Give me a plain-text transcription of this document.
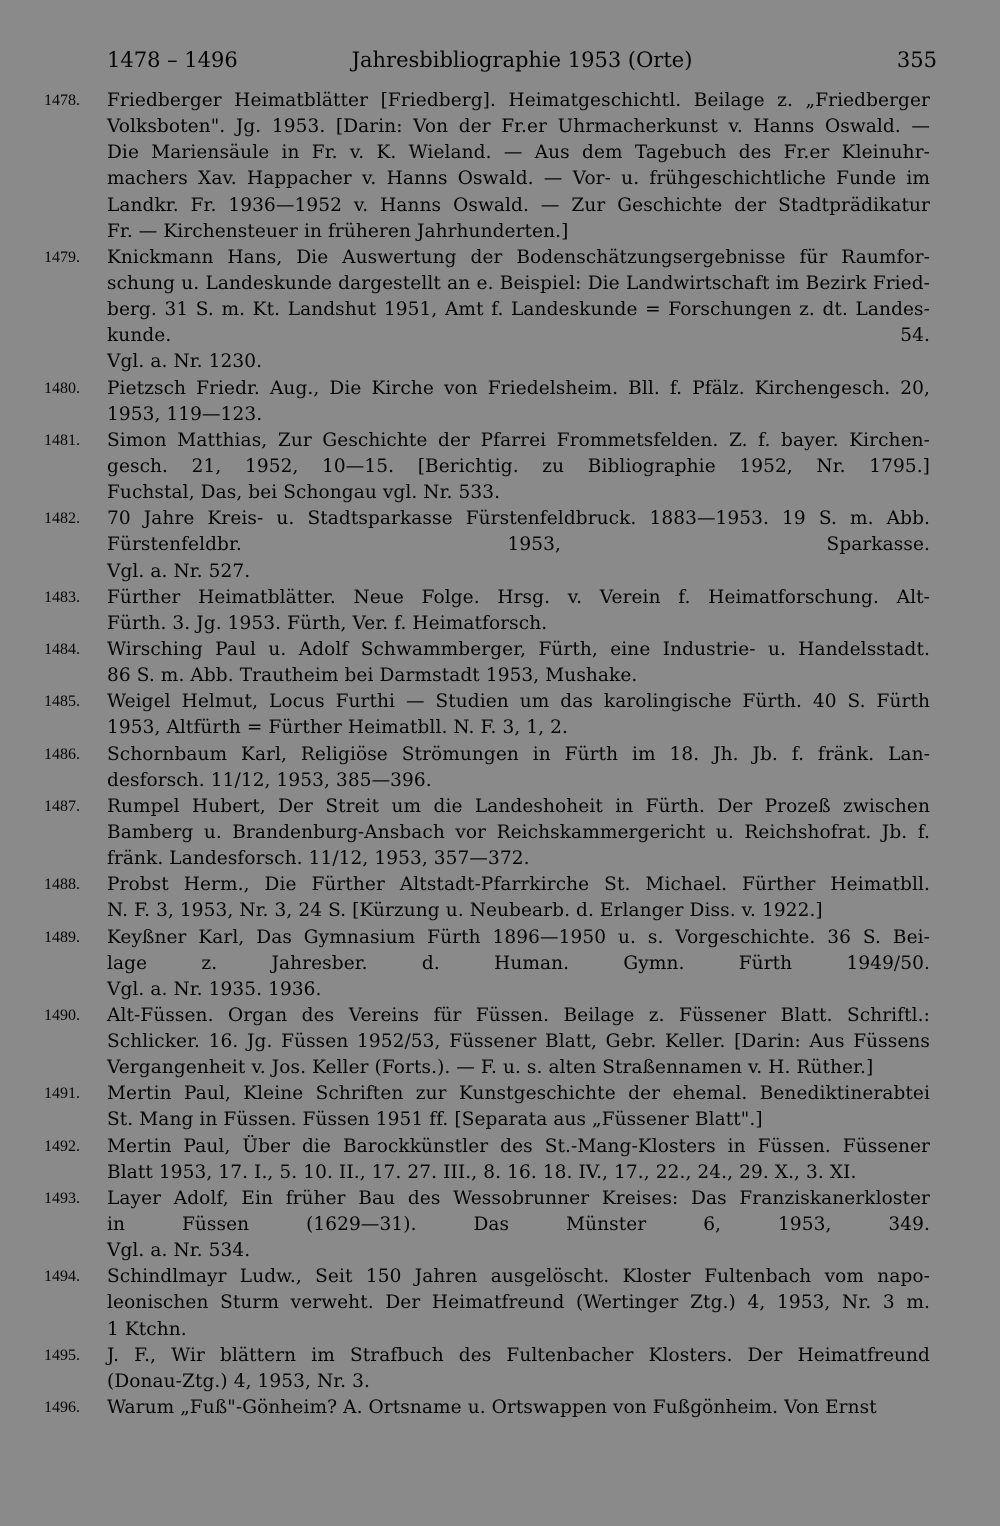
1478 – 1496	Jahresbibliographie 1953 (Orte)	355
1478. Friedberger Heimatblätter [Friedberg]. Heimatgeschichtl. Beilage z. „Friedberger
Volksboten". Jg. 1953. [Darin: Von der Fr.er Uhrmacherkunst v. Hanns Oswald. —
Die Mariensäule in Fr. v. K. Wieland. — Aus dem Tagebuch des Fr.er Kleinuhr-
machers Xav. Happacher v. Hanns Oswald. — Vor- u. frühgeschichtliche Funde im
Landkr. Fr. 1936—1952 v. Hanns Oswald. — Zur Geschichte der Stadtprädikatur
Fr. — Kirchensteuer in früheren Jahrhunderten.]
1479. Knickmann Hans, Die Auswertung der Bodenschätzungsergebnisse für Raumfor-
schung u. Landeskunde dargestellt an e. Beispiel: Die Landwirtschaft im Bezirk Fried-
berg. 31 S. m. Kt. Landshut 1951, Amt f. Landeskunde = Forschungen z. dt. Landes-
kunde. 54.
Vgl. a. Nr. 1230.
1480. Pietzsch Friedr. Aug., Die Kirche von Friedelsheim. Bll. f. Pfälz. Kirchengesch. 20,
1953, 119—123.
1481. Simon Matthias, Zur Geschichte der Pfarrei Frommetsfelden. Z. f. bayer. Kirchen-
gesch. 21, 1952, 10—15. [Berichtig. zu Bibliographie 1952, Nr. 1795.]
Fuchstal, Das, bei Schongau vgl. Nr. 533.
1482. 70 Jahre Kreis- u. Stadtsparkasse Fürstenfeldbruck. 1883—1953. 19 S. m. Abb.
Fürstenfeldbr. 1953, Sparkasse.
Vgl. a. Nr. 527.
1483. Fürther Heimatblätter. Neue Folge. Hrsg. v. Verein f. Heimatforschung. Alt-
Fürth. 3. Jg. 1953. Fürth, Ver. f. Heimatforsch.
1484. Wirsching Paul u. Adolf Schwammberger, Fürth, eine Industrie- u. Handelsstadt.
86 S. m. Abb. Trautheim bei Darmstadt 1953, Mushake.
1485. Weigel Helmut, Locus Furthi — Studien um das karolingische Fürth. 40 S. Fürth
1953, Altfürth = Fürther Heimatbll. N. F. 3, 1, 2.
1486. Schornbaum Karl, Religiöse Strömungen in Fürth im 18. Jh. Jb. f. fränk. Lan-
desforsch. 11/12, 1953, 385—396.
1487. Rumpel Hubert, Der Streit um die Landeshoheit in Fürth. Der Prozeß zwischen
Bamberg u. Brandenburg-Ansbach vor Reichskammergericht u. Reichshofrat. Jb. f.
fränk. Landesforsch. 11/12, 1953, 357—372.
1488. Probst Herm., Die Fürther Altstadt-Pfarrkirche St. Michael. Fürther Heimatbll.
N. F. 3, 1953, Nr. 3, 24 S. [Kürzung u. Neubearb. d. Erlanger Diss. v. 1922.]
1489. Keyßner Karl, Das Gymnasium Fürth 1896—1950 u. s. Vorgeschichte. 36 S. Bei-
lage z. Jahresber. d. Human. Gymn. Fürth 1949/50.
Vgl. a. Nr. 1935. 1936.
1490. Alt-Füssen. Organ des Vereins für Füssen. Beilage z. Füssener Blatt. Schriftl.:
Schlicker. 16. Jg. Füssen 1952/53, Füssener Blatt, Gebr. Keller. [Darin: Aus Füssens
Vergangenheit v. Jos. Keller (Forts.). — F. u. s. alten Straßennamen v. H. Rüther.]
1491. Mertin Paul, Kleine Schriften zur Kunstgeschichte der ehemal. Benediktinerabtei
St. Mang in Füssen. Füssen 1951 ff. [Separata aus „Füssener Blatt".]
1492. Mertin Paul, Über die Barockkünstler des St.-Mang-Klosters in Füssen. Füssener
Blatt 1953, 17. I., 5. 10. II., 17. 27. III., 8. 16. 18. IV., 17., 22., 24., 29. X., 3. XI.
1493. Layer Adolf, Ein früher Bau des Wessobrunner Kreises: Das Franziskanerkloster
in Füssen (1629—31). Das Münster 6, 1953, 349.
Vgl. a. Nr. 534.
1494. Schindlmayr Ludw., Seit 150 Jahren ausgelöscht. Kloster Fultenbach vom napo-
leonischen Sturm verweht. Der Heimatfreund (Wertinger Ztg.) 4, 1953, Nr. 3 m.
1 Ktchn.
1495. J. F., Wir blättern im Strafbuch des Fultenbacher Klosters. Der Heimatfreund
(Donau-Ztg.) 4, 1953, Nr. 3.
1496. Warum „Fuß"-Gönheim? A. Ortsname u. Ortswappen von Fußgönheim. Von Ernst
